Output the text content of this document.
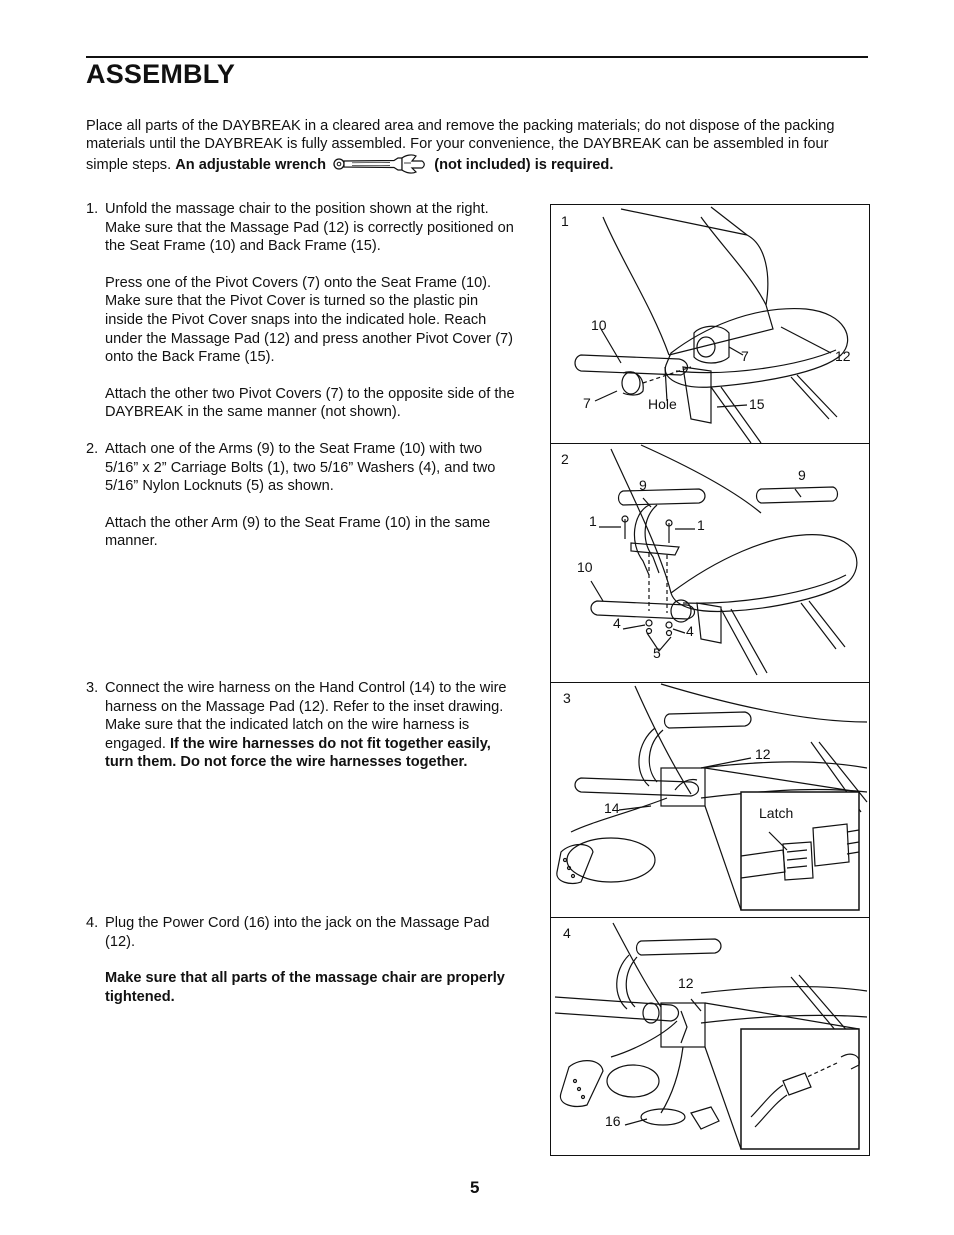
ASSEMBLY
Place all parts of the DAYBREAK in a cleared area and remove the packing materials; do not dispose of the packing materials until the DAYBREAK is fully assembled. For your convenience, the DAYBREAK can be assembled in four simple steps. An adjustable wrench	(not included) is required.
1. Unfold the massage chair to the position shown at the right. Make sure that the Massage Pad (12) is correctly positioned on the Seat Frame (10) and Back Frame (15).

Press one of the Pivot Covers (7) onto the Seat Frame (10). Make sure that the Pivot Cover is turned so the plastic pin inside the Pivot Cover snaps into the indicated hole. Reach under the Massage Pad (12) and press another Pivot Cover (7) onto the Back Frame (15).

Attach the other two Pivot Covers (7) to the opposite side of the DAYBREAK in the same manner (not shown).

2. Attach one of the Arms (9) to the Seat Frame (10) with two 5/16” x 2” Carriage Bolts (1), two 5/16” Washers (4), and two 5/16” Nylon Locknuts (5) as shown.

Attach the other Arm (9) to the Seat Frame (10) in the same manner.

3. Connect the wire harness on the Hand Control (14) to the wire harness on the Massage Pad (12). Refer to the inset drawing. Make sure that the indicated latch on the wire harness is engaged. If the wire harnesses do not fit together easily, turn them. Do not force the wire harnesses together.

4. Plug the Power Cord (16) into the jack on the Massage Pad (12).

Make sure that all parts of the massage chair are properly tightened.

1
10
7	12
7	Hole	15
2
9
9
1	1
10
4	4
5
3
12
14	Latch
4
12
16
5
